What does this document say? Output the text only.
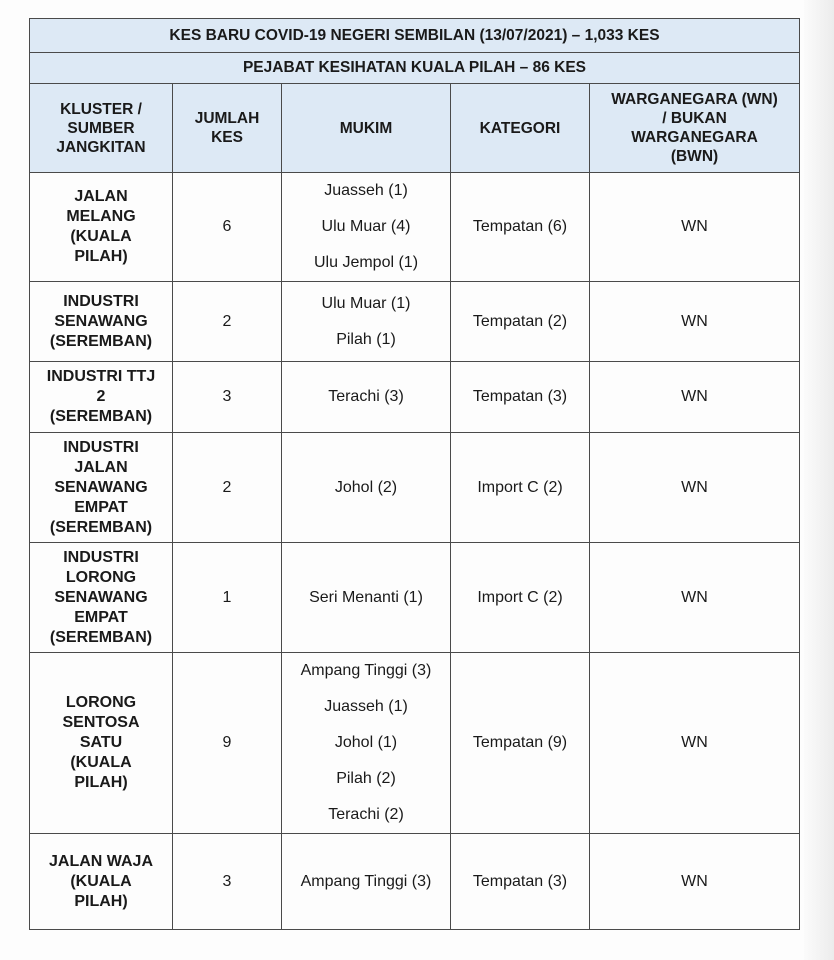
KES BARU COVID-19 NEGERI SEMBILAN (13/07/2021) – 1,033 KES				
PEJABAT KESIHATAN KUALA PILAH – 86 KES				

KLUSTER /
SUMBER
JANGKITAN	JUMLAH
KES	MUKIM	KATEGORI	WARGANEGARA (WN)
/ BUKAN
WARGANEGARA
(BWN)

JALAN
MELANG
(KUALA
PILAH)	6	Juasseh (1)
Ulu Muar (4)
Ulu Jempol (1)	Tempatan (6)	WN

INDUSTRI
SENAWANG
(SEREMBAN)	2	Ulu Muar (1)
Pilah (1)	Tempatan (2)	WN

INDUSTRI TTJ
2
(SEREMBAN)	3	Terachi (3)	Tempatan (3)	WN

INDUSTRI
JALAN
SENAWANG
EMPAT
(SEREMBAN)	2	Johol (2)	Import C (2)	WN

INDUSTRI
LORONG
SENAWANG
EMPAT
(SEREMBAN)	1	Seri Menanti (1)	Import C (2)	WN

LORONG
SENTOSA
SATU
(KUALA
PILAH)	9	Ampang Tinggi (3)
Juasseh (1)
Johol (1)
Pilah (2)
Terachi (2)	Tempatan (9)	WN

JALAN WAJA
(KUALA
PILAH)	3	Ampang Tinggi (3)	Tempatan (3)	WN
